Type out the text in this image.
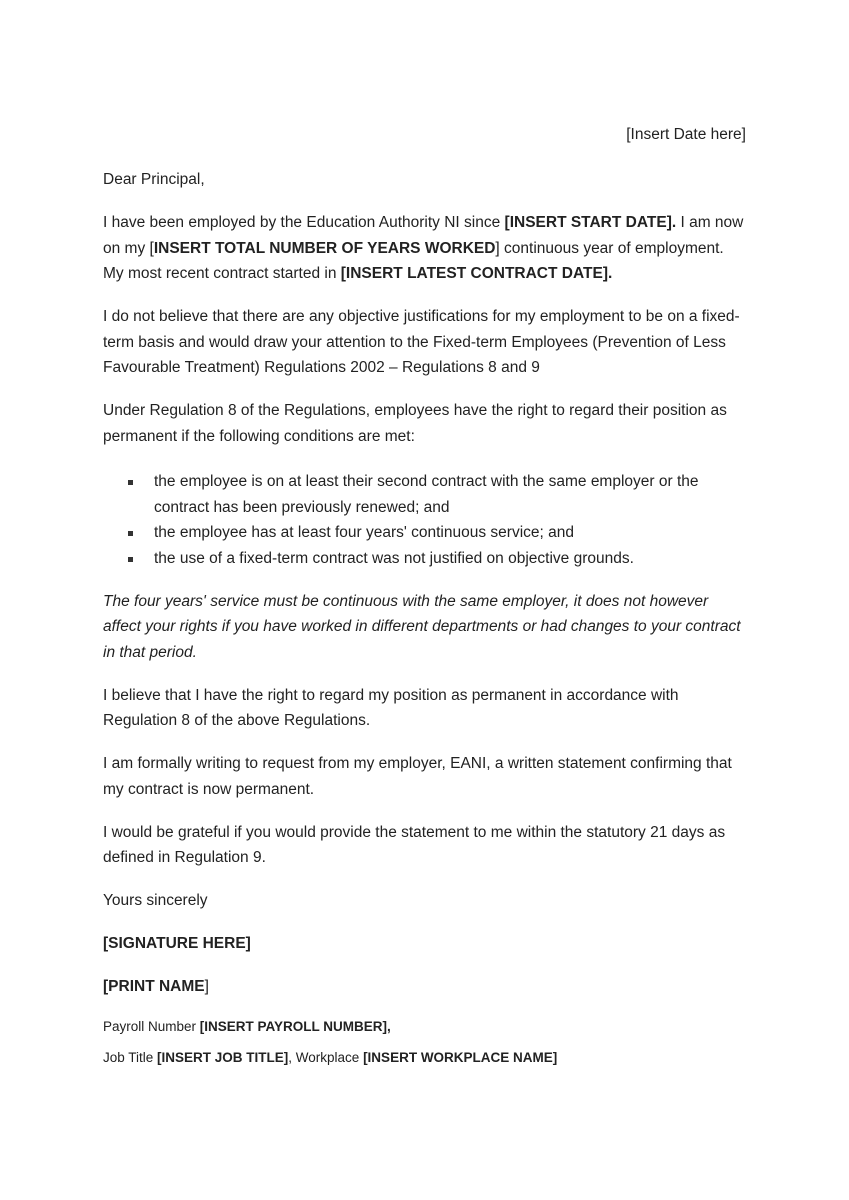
[Insert Date here]

Dear Principal,

I have been employed by the Education Authority NI since [INSERT START DATE]. I am now on my [INSERT TOTAL NUMBER OF YEARS WORKED] continuous year of employment. My most recent contract started in [INSERT LATEST CONTRACT DATE].

I do not believe that there are any objective justifications for my employment to be on a fixed-term basis and would draw your attention to the Fixed-term Employees (Prevention of Less Favourable Treatment) Regulations 2002 – Regulations 8 and 9

Under Regulation 8 of the Regulations, employees have the right to regard their position as permanent if the following conditions are met:

the employee is on at least their second contract with the same employer or the contract has been previously renewed; and
the employee has at least four years' continuous service; and
the use of a fixed-term contract was not justified on objective grounds.

The four years' service must be continuous with the same employer, it does not however affect your rights if you have worked in different departments or had changes to your contract in that period.

I believe that I have the right to regard my position as permanent in accordance with Regulation 8 of the above Regulations.

I am formally writing to request from my employer, EANI, a written statement confirming that my contract is now permanent.

I would be grateful if you would provide the statement to me within the statutory 21 days as defined in Regulation 9.

Yours sincerely

[SIGNATURE HERE]

[PRINT NAME]

Payroll Number [INSERT PAYROLL NUMBER],

Job Title [INSERT JOB TITLE], Workplace [INSERT WORKPLACE NAME]
